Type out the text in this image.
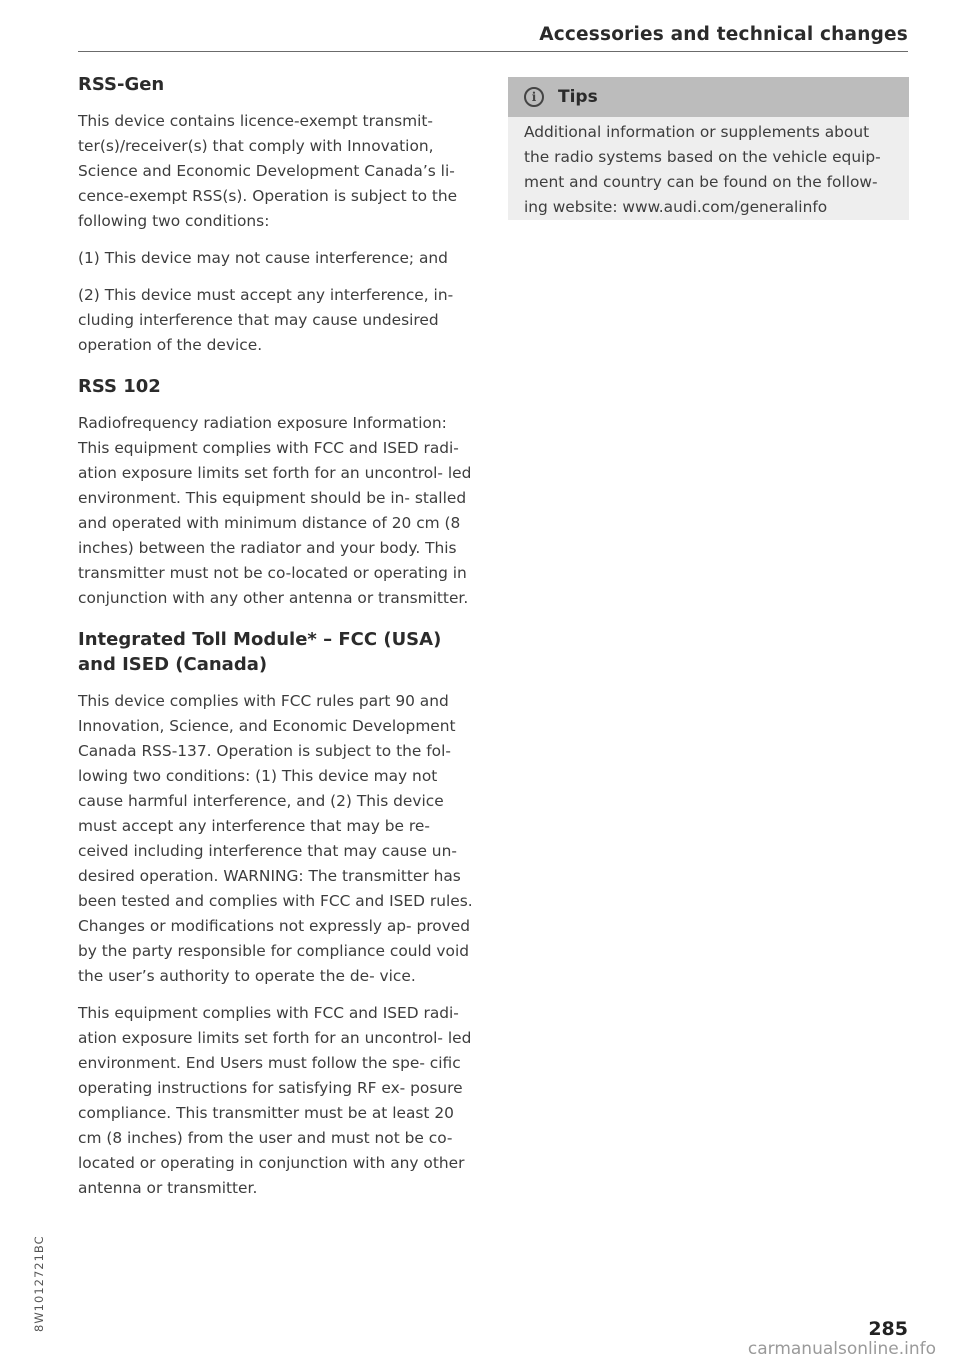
Accessories and technical changes
RSS-Gen

This device contains licence-exempt transmit- ter(s)/receiver(s) that comply with Innovation, Science and Economic Development Canada’s li- cence-exempt RSS(s). Operation is subject to the following two conditions:

(1) This device may not cause interference; and

(2) This device must accept any interference, in- cluding interference that may cause undesired operation of the device.

RSS 102

Radiofrequency radiation exposure Information: This equipment complies with FCC and ISED radi- ation exposure limits set forth for an uncontrol- led environment. This equipment should be in- stalled and operated with minimum distance of 20 cm (8 inches) between the radiator and your body. This transmitter must not be co-located or operating in conjunction with any other antenna or transmitter.

Integrated Toll Module* – FCC (USA) and ISED (Canada)

This device complies with FCC rules part 90 and Innovation, Science, and Economic Development Canada RSS-137. Operation is subject to the fol- lowing two conditions: (1) This device may not cause harmful interference, and (2) This device must accept any interference that may be re- ceived including interference that may cause un- desired operation. WARNING: The transmitter has been tested and complies with FCC and ISED rules. Changes or modifications not expressly ap- proved by the party responsible for compliance could void the user’s authority to operate the de- vice.

This equipment complies with FCC and ISED radi- ation exposure limits set forth for an uncontrol- led environment. End Users must follow the spe- cific operating instructions for satisfying RF ex- posure compliance. This transmitter must be at least 20 cm (8 inches) from the user and must not be co-located or operating in conjunction with any other antenna or transmitter.

i	Tips
Additional information or supplements about the radio systems based on the vehicle equip- ment and country can be found on the follow- ing website: www.audi.com/generalinfo
8W1012721BC	285
carmanualsonline.info
